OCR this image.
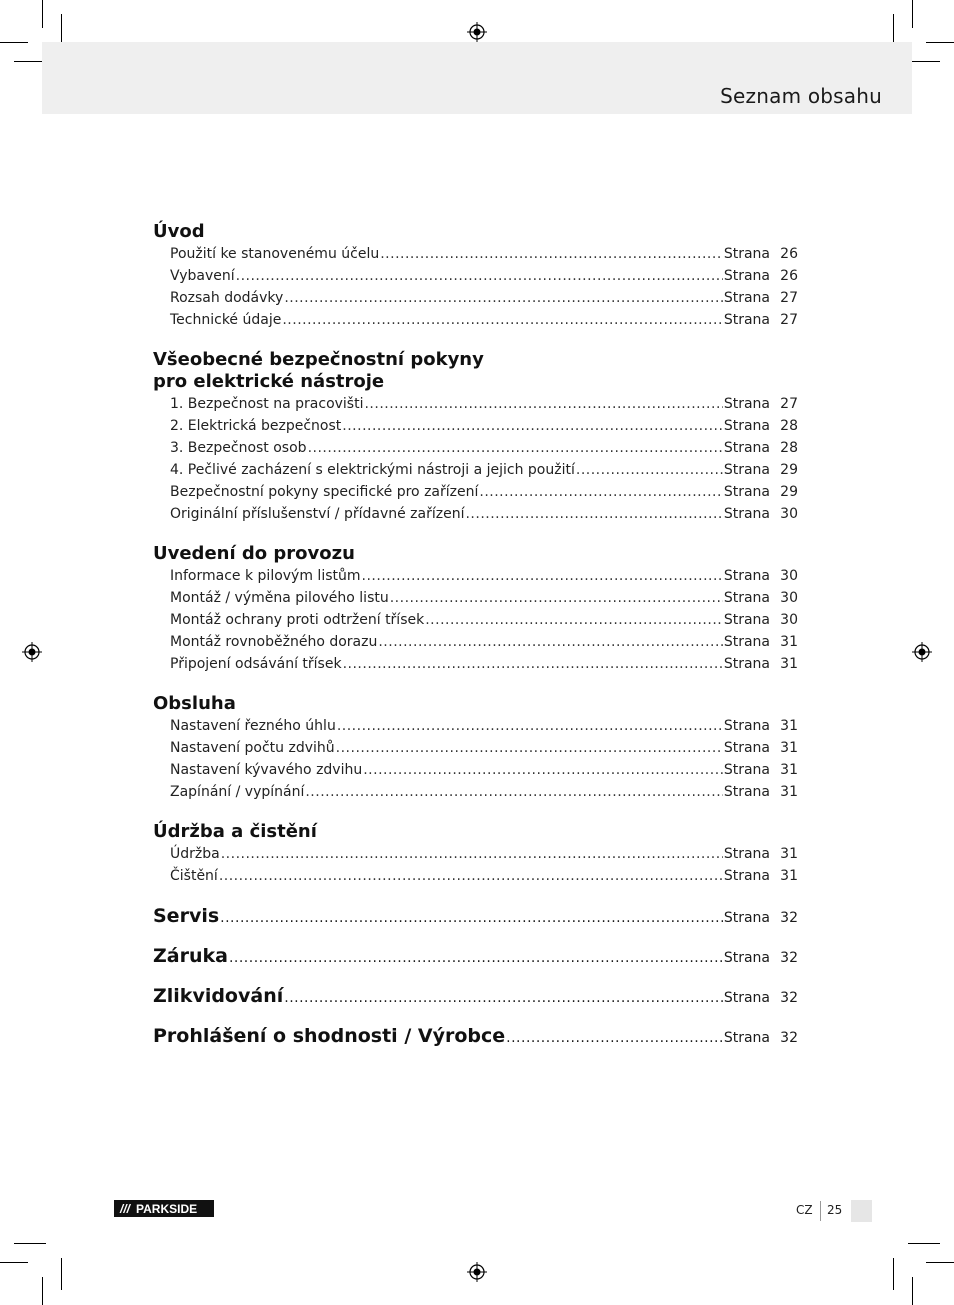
Seznam obsahu
Úvod
Použití ke stanovenému účelu .....	Strana 26
Vybavení .....	Strana 26
Rozsah dodávky .....	Strana 27
Technické údaje .....	Strana 27
Všeobecné bezpečnostní pokyny
pro elektrické nástroje
1. Bezpečnost na pracovišti .....	Strana 27
2. Elektrická bezpečnost .....	Strana 28
3. Bezpečnost osob .....	Strana 28
4. Pečlivé zacházení s elektrickými nástroji a jejich použití .....	Strana 29
Bezpečnostní pokyny specifické pro zařízení .....	Strana 29
Originální příslušenství / přídavné zařízení .....	Strana 30
Uvedení do provozu
Informace k pilovým listům .....	Strana 30
Montáž / výměna pilového listu .....	Strana 30
Montáž ochrany proti odtržení třísek .....	Strana 30
Montáž rovnoběžného dorazu .....	Strana 31
Připojení odsávání třísek .....	Strana 31
Obsluha
Nastavení řezného úhlu .....	Strana 31
Nastavení počtu zdvihů .....	Strana 31
Nastavení kývavého zdvihu .....	Strana 31
Zapínání / vypínání .....	Strana 31
Údržba a čistění
Údržba .....	Strana 31
Čištění .....	Strana 31
Servis .....	Strana 32
Záruka .....	Strana 32
Zlikvidování .....	Strana 32
Prohlášení o shodnosti / Výrobce .....	Strana 32
/// PARKSIDE	CZ 25
